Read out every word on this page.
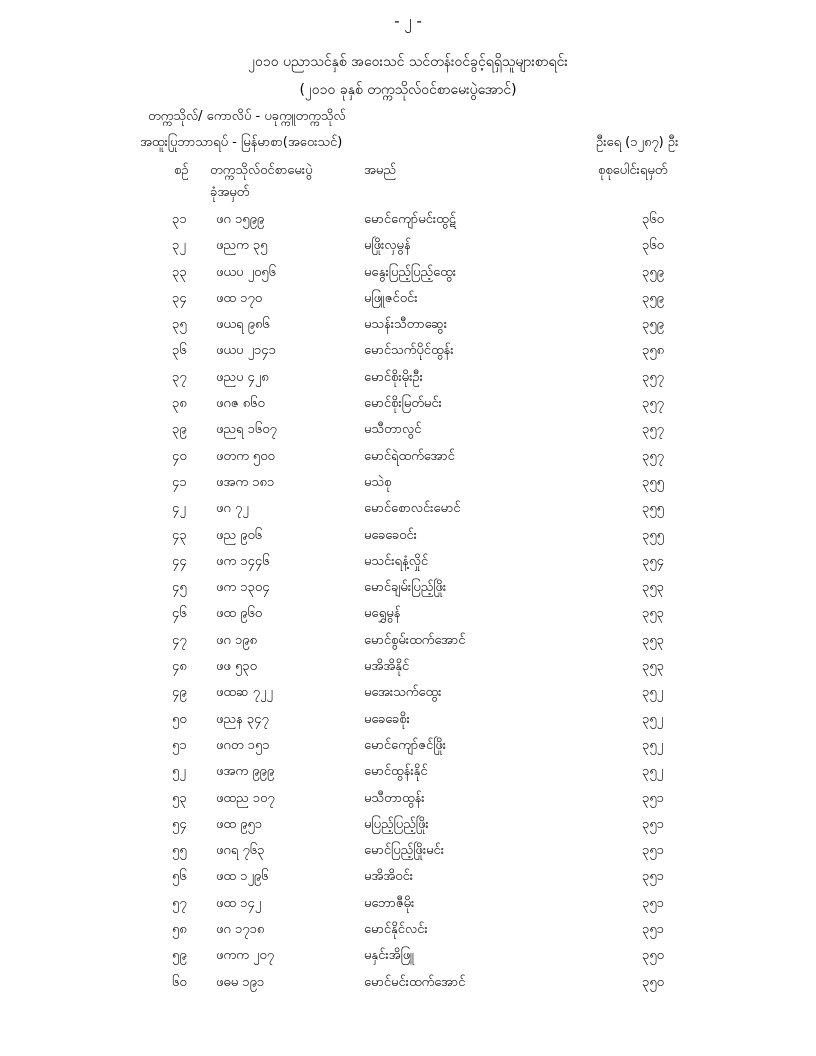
- ၂ -
၂၀၁၀ ပညာသင်နှစ် အဝေးသင် သင်တန်းဝင်ခွင့်ရရှိသူများစာရင်း
(၂၀၁၀ ခုနှစ် တက္ကသိုလ်ဝင်စာမေးပွဲအောင်)
တက္ကသိုလ်/ ကောလိပ် - ပခုက္ကူတက္ကသိုလ်
အထူးပြုဘာသာရပ် - မြန်မာစာ(အဝေးသင်)	ဦးရေ (၁၂၈၇) ဦး
စဉ် တက္ကသိုလ်ဝင်စာမေးပွဲ
ခုံအမှတ်
အမည်	စုစုပေါင်းရမှတ်
၃၁ ဖဂ ၁၅၉၉	မောင်ကျော်မင်းထွဋ်	၃၆၀
၃၂ ဖညက ၃၅	မဖြိုးလှမွန်	၃၆၀
၃၃ ဖယပ ၂၀၅၆	မနွေးပြည့်ပြည့်ထွေး	၃၅၉
၃၄ ဖထ ၁၇၀	မဖြူဇင်ဝင်း	၃၅၉
၃၅ ဖယရ ၉၈၆	မသန်းသီတာဆွေး	၃၅၉
၃၆ ဖယပ ၂၁၄၁	မောင်သက်ပိုင်ထွန်း	၃၅၈
၃၇ ဖညပ ၄၂၈	မောင်စိုးမိုးဦး	၃၅၇
၃၈ ဖဂဇ ၈၆၀	မောင်စိုးမြတ်မင်း	၃၅၇
၃၉ ဖညရ ၁၆၀၇	မသီတာလွင်	၃၅၇
၄၀ ဖတက ၅၀၀	မောင်ရဲထက်အောင်	၃၅၇
၄၁ ဖအက ၁၈၁	မသဲစု	၃၅၅
၄၂ ဖဂ ၇၂	မောင်စောလင်းမောင်	၃၅၅
၄၃ ဖည ၉၀၆	မခေခေဝင်း	၃၅၅
၄၄ ဖက ၁၄၄၆	မသင်းရနံ့လှိုင်	၃၅၄
၄၅ ဖက ၁၃၀၄	မောင်ချမ်းပြည့်ဖြိုး	၃၅၃
၄၆ ဖထ ၉၆၀	မရွှေမွန်	၃၅၃
၄၇ ဖဂ ၁၉၈	မောင်စွမ်းထက်အောင်	၃၅၃
၄၈ ဖဖ ၅၃၀	မအိအိနိုင်	၃၅၃
၄၉ ဖထဆ ၇၂၂	မအေးသက်ထွေး	၃၅၂
၅၀ ဖညန ၃၄၇	မခေခေစိုး	၃၅၂
၅၁ ဖဂတ ၁၅၁	မောင်ကျော်ဇင်ဖြိုး	၃၅၂
၅၂ ဖအက ၉၉၉	မောင်ထွန်းနိုင်	၃၅၂
၅၃ ဖထည ၁၀၇	မသီတာထွန်း	၃၅၁
၅၄ ဖထ ၉၅၁	မပြည့်ပြည့်ဖြိုး	၃၅၁
၅၅ ဖဂရ ၇၆၃	မောင်ပြည့်ဖြိုးမင်း	၃၅၁
၅၆ ဖထ ၁၂၉၆	မအိအိဝင်း	၃၅၁
၅၇ ဖထ ၁၄၂	မဘောဇီမိုး	၃၅၁
၅၈ ဖဂ ၁၇၁၈	မောင်နိုင်လင်း	၃၅၁
၅၉ ဖကက ၂၀၇	မနှင်းအိဖြူ	၃၅၀
၆၀ ဖဓမ ၁၉၁	မောင်မင်းထက်အောင်	၃၅၀
